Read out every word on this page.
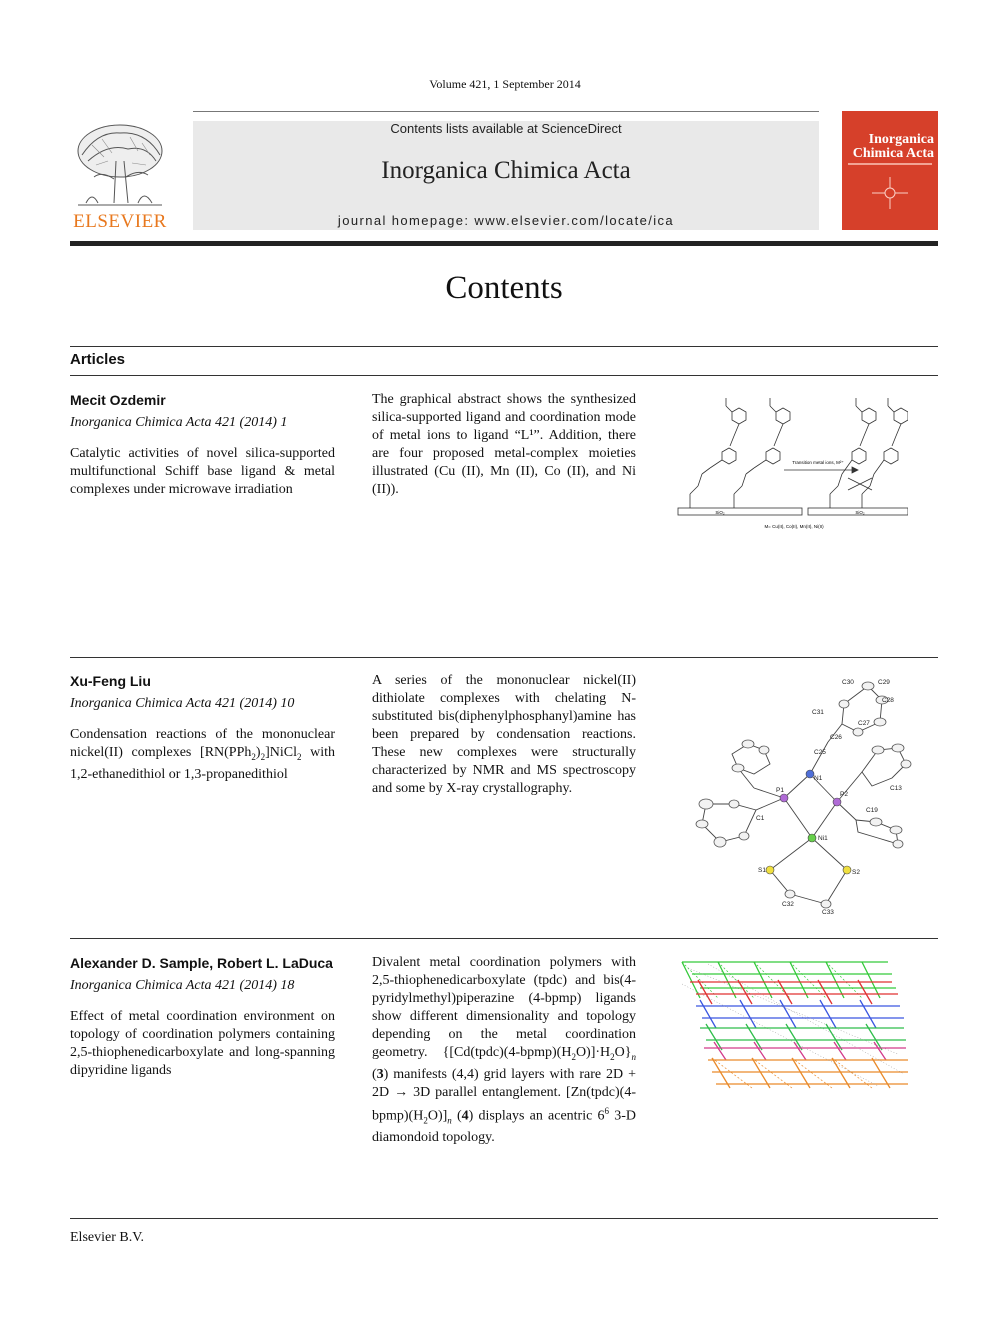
Volume 421, 1 September 2014
ELSEVIER
Contents lists available at ScienceDirect
Inorganica Chimica Acta
journal homepage: www.elsevier.com/locate/ica
Inorganica
Chimica Acta
Contents
Articles
Mecit Ozdemir
Inorganica Chimica Acta 421 (2014) 1
Catalytic activities of novel silica-supported multifunctional Schiff base ligand & metal complexes under microwave irradiation
The graphical abstract shows the synthesized silica-supported ligand and coordination mode of metal ions to ligand “L¹”. Addition, there are four proposed metal-complex moieties illustrated (Cu (II), Mn (II), Co (II), and Ni (II)).
Transition metal ions, M²⁺
SiO₂	SiO₂
M= Cu(II), Co(II), Mn(II), Ni(II)
Xu-Feng Liu
Inorganica Chimica Acta 421 (2014) 10
Condensation reactions of the mononuclear nickel(II) complexes $[RN(PPh_2)_2]NiCl_2$ with 1,2-ethanedithiol or 1,3-propanedithiol
A series of the mononuclear nickel(II) dithiolate complexes with chelating N-substituted bis(diphenylphosphanyl)amine has been prepared by condensation reactions. These new complexes were structurally characterized by NMR and MS spectroscopy and some by X-ray crystallography.
C30	C29
C28
C31
C27
C26
C25
N1
P1
P2
C1
C13
C19
Ni1
S1	S2
C32
C33
Alexander D. Sample, Robert L. LaDuca
Inorganica Chimica Acta 421 (2014) 18
Effect of metal coordination environment on topology of coordination polymers containing 2,5-thiophenedicarboxylate and long-spanning dipyridine ligands
Divalent metal coordination polymers with 2,5-thiophenedicarboxylate (tpdc) and bis(4-pyridylmethyl)piperazine (4-bpmp) ligands show different dimensionality and topology depending on the metal coordination geometry. $\{[Cd(tpdc)(4-bpmp)(H_2O)]\cdot H_2O\}_n$ (3) manifests (4,4) grid layers with rare 2D + 2D → 3D parallel entanglement. $[Zn(tpdc)(4-bpmp)(H_2O)]_n$ (4) displays an acentric $6^6$ 3-D diamondoid topology.
Elsevier B.V.
